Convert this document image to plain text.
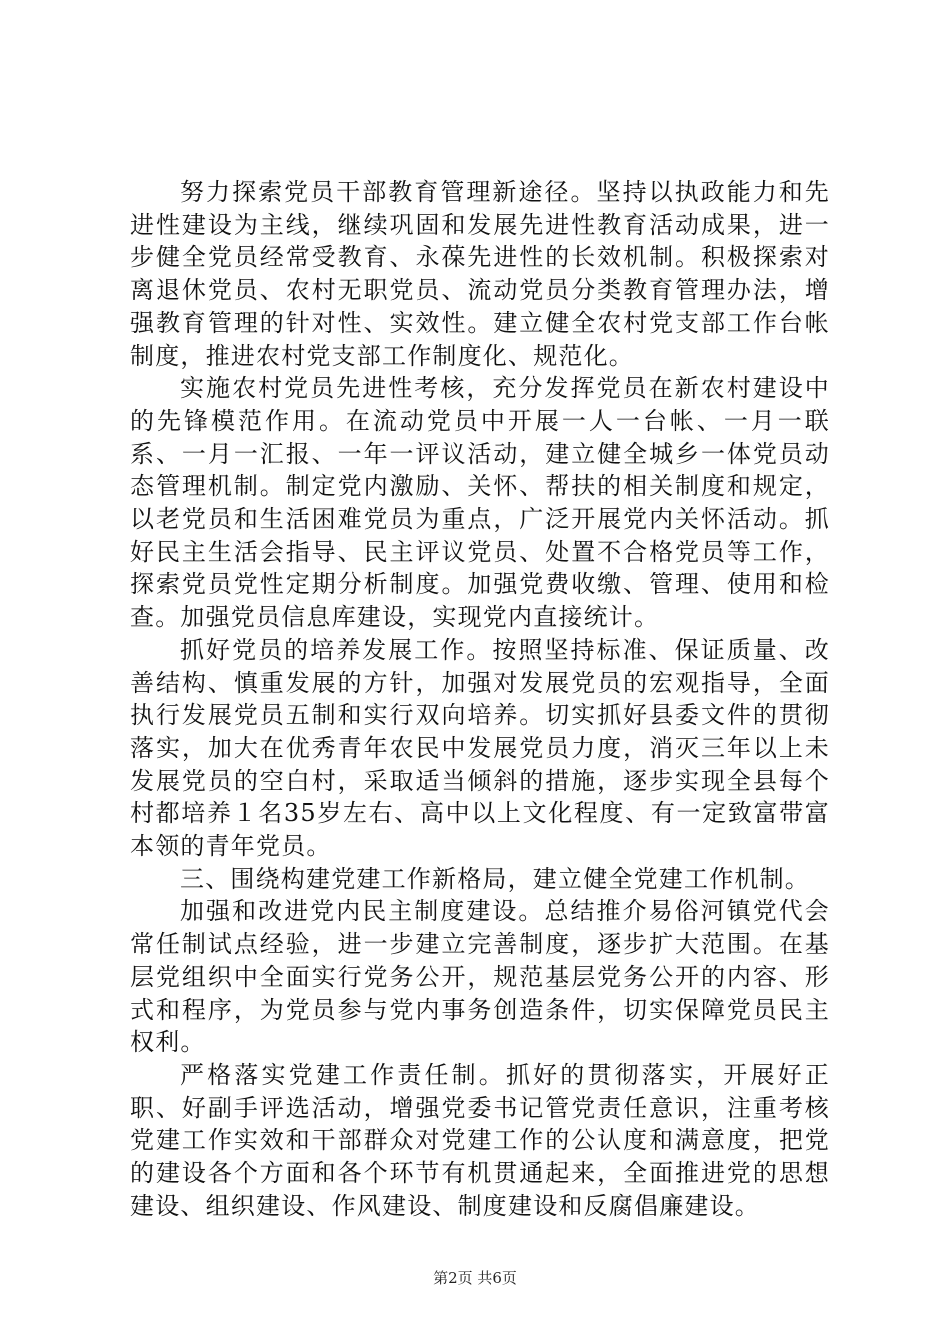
努力探索党员干部教育管理新途径。坚持以执政能力和先进性建设为主线，继续巩固和发展先进性教育活动成果，进一步健全党员经常受教育、永葆先进性的长效机制。积极探索对离退休党员、农村无职党员、流动党员分类教育管理办法，增强教育管理的针对性、实效性。建立健全农村党支部工作台帐制度，推进农村党支部工作制度化、规范化。

实施农村党员先进性考核，充分发挥党员在新农村建设中的先锋模范作用。在流动党员中开展一人一台帐、一月一联系、一月一汇报、一年一评议活动，建立健全城乡一体党员动态管理机制。制定党内激励、关怀、帮扶的相关制度和规定，以老党员和生活困难党员为重点，广泛开展党内关怀活动。抓好民主生活会指导、民主评议党员、处置不合格党员等工作，探索党员党性定期分析制度。加强党费收缴、管理、使用和检查。加强党员信息库建设，实现党内直接统计。

抓好党员的培养发展工作。按照坚持标准、保证质量、改善结构、慎重发展的方针，加强对发展党员的宏观指导，全面执行发展党员五制和实行双向培养。切实抓好县委文件的贯彻落实，加大在优秀青年农民中发展党员力度，消灭三年以上未发展党员的空白村，采取适当倾斜的措施，逐步实现全县每个村都培养１名35岁左右、高中以上文化程度、有一定致富带富本领的青年党员。

三、围绕构建党建工作新格局，建立健全党建工作机制。

加强和改进党内民主制度建设。总结推介易俗河镇党代会常任制试点经验，进一步建立完善制度，逐步扩大范围。在基层党组织中全面实行党务公开，规范基层党务公开的内容、形式和程序，为党员参与党内事务创造条件，切实保障党员民主权利。

严格落实党建工作责任制。抓好的贯彻落实，开展好正职、好副手评选活动，增强党委书记管党责任意识，注重考核党建工作实效和干部群众对党建工作的公认度和满意度，把党的建设各个方面和各个环节有机贯通起来，全面推进党的思想建设、组织建设、作风建设、制度建设和反腐倡廉建设。

第2页 共6页
